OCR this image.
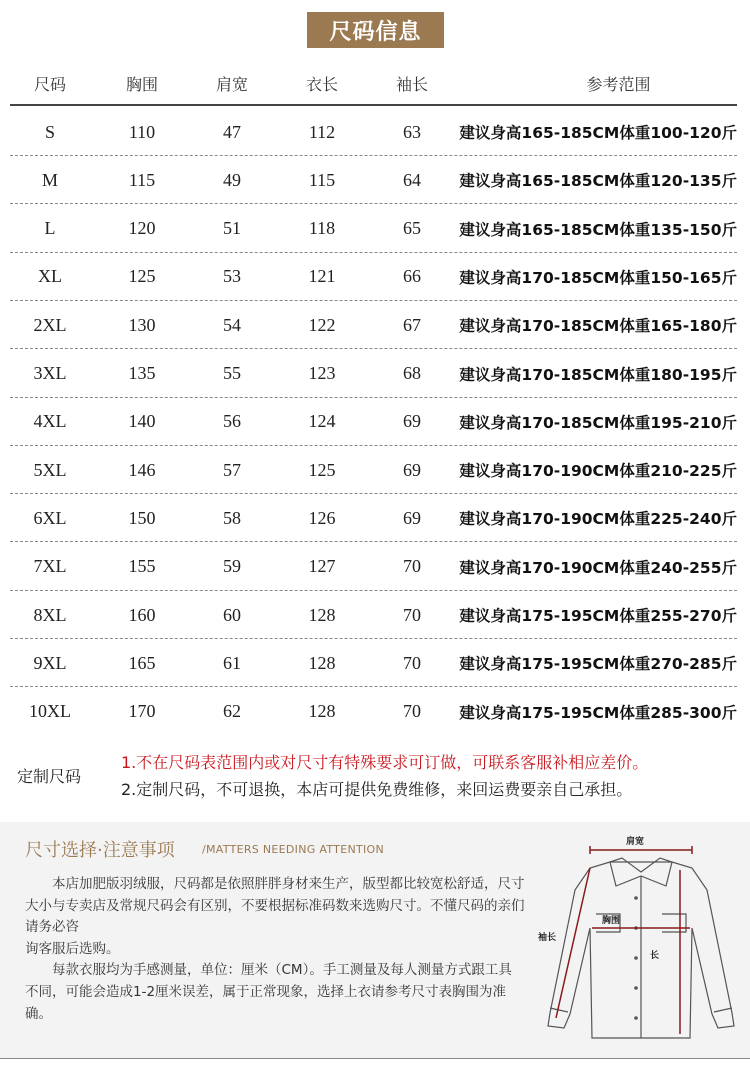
尺码信息
尺码	胸围	肩宽	衣长	袖长	参考范围
S	110	47	112	63	建议身高165-185CM体重100-120斤
M	115	49	115	64	建议身高165-185CM体重120-135斤
L	120	51	118	65	建议身高165-185CM体重135-150斤
XL	125	53	121	66	建议身高170-185CM体重150-165斤
2XL	130	54	122	67	建议身高170-185CM体重165-180斤
3XL	135	55	123	68	建议身高170-185CM体重180-195斤
4XL	140	56	124	69	建议身高170-185CM体重195-210斤
5XL	146	57	125	69	建议身高170-190CM体重210-225斤
6XL	150	58	126	69	建议身高170-190CM体重225-240斤
7XL	155	59	127	70	建议身高170-190CM体重240-255斤
8XL	160	60	128	70	建议身高175-195CM体重255-270斤
9XL	165	61	128	70	建议身高175-195CM体重270-285斤
10XL	170	62	128	70	建议身高175-195CM体重285-300斤
定制尺码
1.不在尺码表范围内或对尺寸有特殊要求可订做，可联系客服补相应差价。
2.定制尺码，不可退换，本店可提供免费维修，来回运费要亲自己承担。
尺寸选择·注意事项 /MATTERS NEEDING ATTENTION

本店加肥版羽绒服，尺码都是依照胖胖身材来生产，版型都比较宽松舒适，尺寸大小与专卖店及常规尺码会有区别，不要根据标准码数来选购尺寸。不懂尺码的亲们请务必咨

询客服后选购。

每款衣服均为手感测量，单位：厘米（CM）。手工测量及每人测量方式跟工具不同，可能会造成1-2厘米误差，属于正常现象，选择上衣请参考尺寸表胸围为准确。

肩宽
胸围
袖长
长
